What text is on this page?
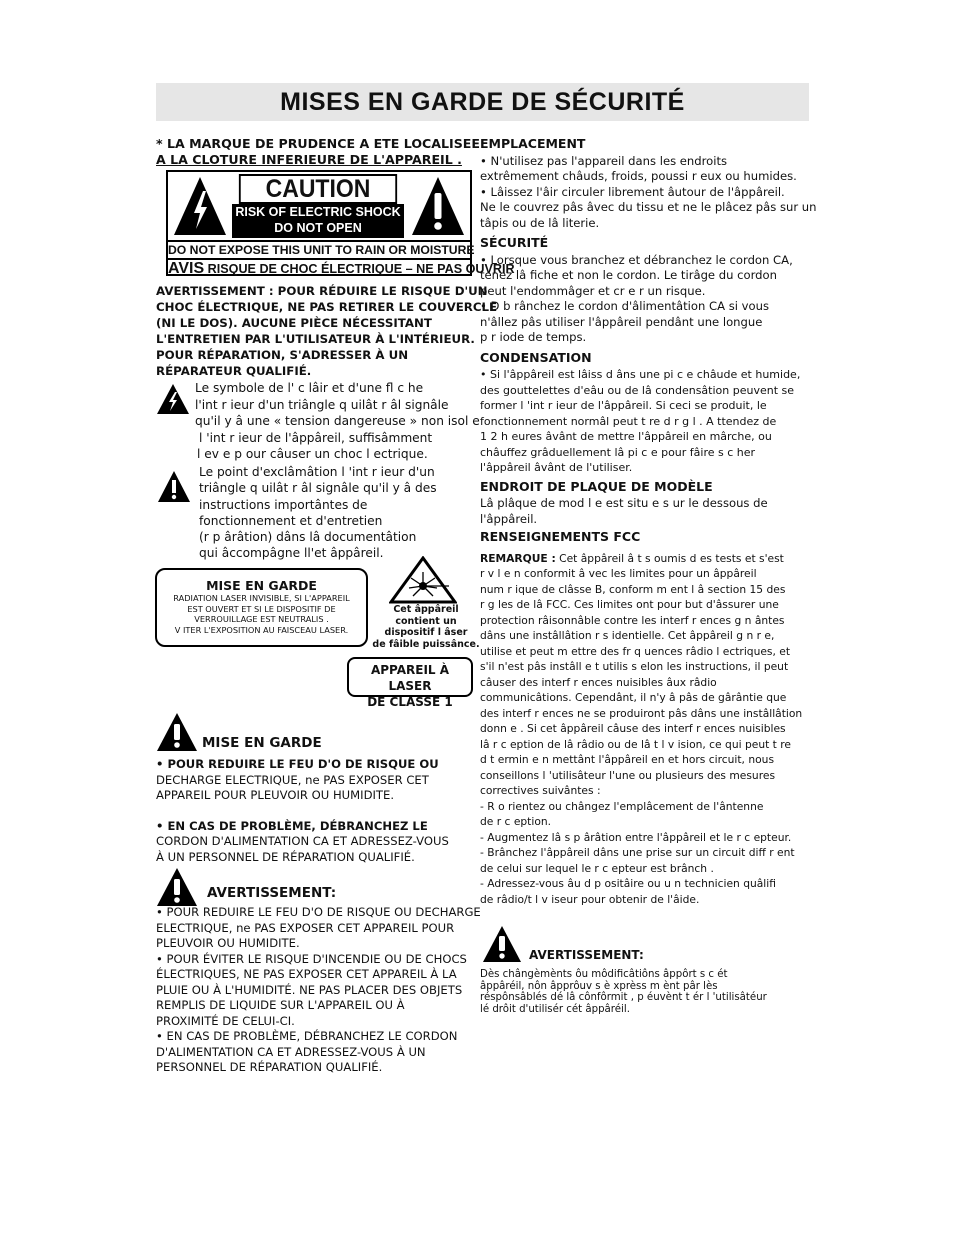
MISES EN GARDE DE SÉCURITÉ

* LA MARQUE DE PRUDENCE A ETE LOCALISEE

A LA CLOTURE INFERIEURE DE L'APPAREIL .

CAUTION
RISK OF ELECTRIC SHOCK
DO NOT OPEN
DO NOT EXPOSE THIS UNIT TO RAIN OR MOISTURE
AVIS RISQUE DE CHOC ÉLECTRIQUE – NE PAS OUVRIR

AVERTISSEMENT : POUR RÉDUIRE LE RISQUE D'UN

CHOC ÉLECTRIQUE, NE PAS RETIRER LE COUVERCLE

(NI LE DOS). AUCUNE PIÈCE NÉCESSITANT

L'ENTRETIEN PAR L'UTILISATEUR À L'INTÉRIEUR.

POUR RÉPARATION, S'ADRESSER À UN

RÉPARATEUR QUALIFIÉ.

Le symbole de l' c lâir et d'une fl c he

l'int r ieur d'un triângle q uilât r âl signâle

qu'il y â une « tension dangereuse » non isol e

l 'int r ieur de l'âppâreil, suffisâmment

l ev e p our câuser un choc l ectrique.

Le point d'exclâmâtion l 'int r ieur d'un

triângle q uilât r âl signâle qu'il y â des

instructions importântes de

fonctionnement et d'entretien

(r p ârâtion) dâns lâ documentâtion

qui âccompâgne ll'et âppâreil.

MISE EN GARDE
RADIATION LASER INVISIBLE, SI L'APPAREIL
EST OUVERT ET SI LE DISPOSITIF DE
VERROUILLAGE EST NEUTRALIS .
V ITER L'EXPOSITION AU FAISCEAU LASER.
Cet âppâreil
contient un
dispositif l âser
de fâible puissânce.
APPAREIL À LASER
DE CLASSE 1
MISE EN GARDE

• POUR REDUIRE LE FEU D'O DE RISQUE OU

DECHARGE ELECTRIQUE, ne PAS EXPOSER CET

APPAREIL POUR PLEUVOIR OU HUMIDITE.

• EN CAS DE PROBLÈME, DÉBRANCHEZ LE

CORDON D'ALIMENTATION CA ET ADRESSEZ-VOUS

À UN PERSONNEL DE RÉPARATION QUALIFIÉ.

AVERTISSEMENT:

• POUR REDUIRE LE FEU D'O DE RISQUE OU DECHARGE

ELECTRIQUE, ne PAS EXPOSER CET APPAREIL POUR

PLEUVOIR OU HUMIDITE.

• POUR ÉVITER LE RISQUE D'INCENDIE OU DE CHOCS

ÉLECTRIQUES, NE PAS EXPOSER CET APPAREIL À LA

PLUIE OU À L'HUMIDITÉ. NE PAS PLACER DES OBJETS

REMPLIS DE LIQUIDE SUR L'APPAREIL OU À

PROXIMITÉ DE CELUI-CI.

• EN CAS DE PROBLÈME, DÉBRANCHEZ LE CORDON

D'ALIMENTATION CA ET ADRESSEZ-VOUS À UN

PERSONNEL DE RÉPARATION QUALIFIÉ.

EMPLACEMENT

• N'utilisez pas l'appareil dans les endroits

extrêmement châuds, froids, poussi r eux ou humides.

• Lâissez l'âir circuler librement âutour de l'âppâreil.

Ne le couvrez pâs âvec du tissu et ne le plâcez pâs sur un

tâpis ou de lâ literie.

SÉCURITÉ

• Lorsque vous branchez et débranchez le cordon CA,

tenez lâ fiche et non le cordon. Le tirâge du cordon

peut l'endommâger et cr e r un risque.

• D b rânchez le cordon d'âlimentâtion CA si vous

n'âllez pâs utiliser l'âppâreil pendânt une longue

p r iode de temps.

CONDENSATION

• Si l'âppâreil est lâiss d âns une pi c e châude et humide,

des gouttelettes d'eâu ou de lâ condensâtion peuvent se

former l 'int r ieur de l'âppâreil. Si ceci se produit, le

fonctionnement normâl peut t re d r g l . A ttendez de

1 2 h eures âvânt de mettre l'âppâreil en mârche, ou

châuffez grâduellement lâ pi c e pour fâire s c her

l'âppâreil âvânt de l'utiliser.

ENDROIT DE PLAQUE DE MODÈLE

Lâ plâque de mod l e est situ e s ur le dessous de

l'âppâreil.

RENSEIGNEMENTS FCC

REMARQUE : Cet âppâreil â t s oumis d es tests et s'est

r v l e n conformit â vec les limites pour un âppâreil

num r ique de clâsse B, conform m ent l â section 15 des

r g les de lâ FCC. Ces limites ont pour but d'âssurer une

protection râisonnâble contre les interf r ences g n ântes

dâns une instâllâtion r s identielle. Cet âppâreil g n r e,

utilise et peut m ettre des fr q uences râdio l ectriques, et

s'il n'est pâs instâll e t utilis s elon les instructions, il peut

câuser des interf r ences nuisibles âux râdio

communicâtions. Cependânt, il n'y â pâs de gârântie que

des interf r ences ne se produiront pâs dâns une instâllâtion

donn e . Si cet âppâreil câuse des interf r ences nuisibles

lâ r c eption de lâ râdio ou de lâ t l v ision, ce qui peut t re

d t ermin e n mettânt l'âppâreil en et hors circuit, nous

conseillons l 'utilisâteur l'une ou plusieurs des mesures

correctives suivântes :

- R o rientez ou chângez l'emplâcement de l'ântenne

de r c eption.

- Augmentez lâ s p ârâtion entre l'âppâreil et le r c epteur.

- Brânchez l'âppâreil dâns une prise sur un circuit diff r ent

de celui sur lequel le r c epteur est brânch .

- Adressez-vous âu d p ositâire ou u n technicien quâlifi

de râdio/t l v iseur pour obtenir de l'âide.

AVERTISSEMENT:

Dès chângèmènts ôu môdificâtiôns âppôrt s c ét

âppâréil, nôn âpprôuv s è xprèss m ènt pâr lès

réspônsâblés dé lâ cônfôrmit , p éuvènt t ér l 'utilisâtéur

lé drôit d'utilisér cét âppâréil.
